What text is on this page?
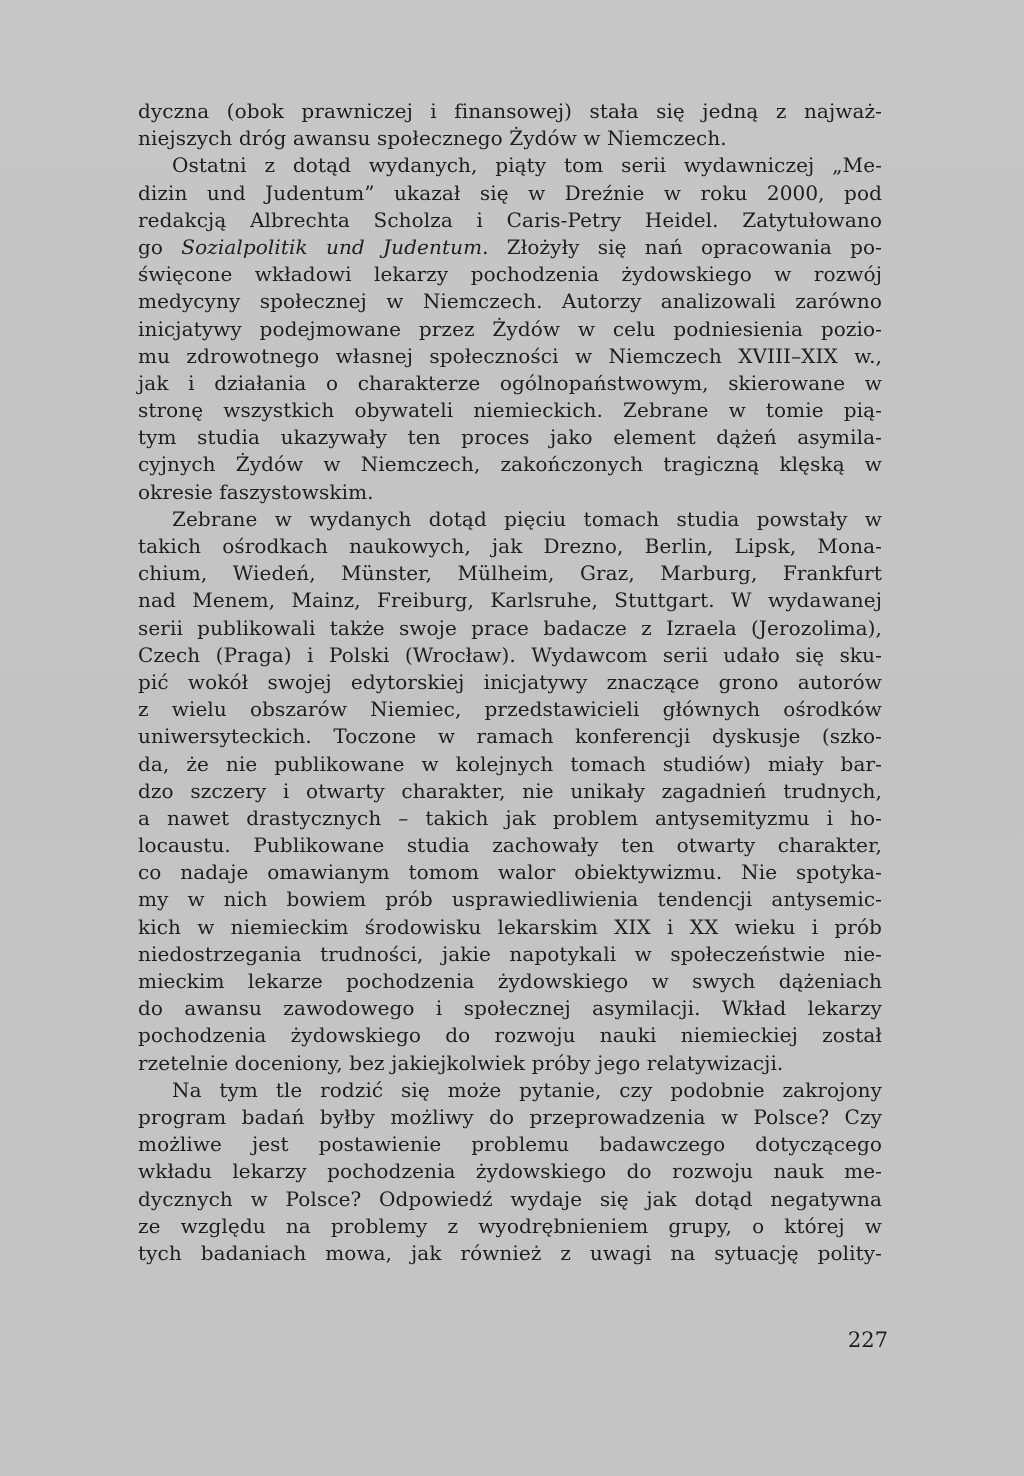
dyczna (obok prawniczej i finansowej) stała się jedną z najważ-
niejszych dróg awansu społecznego Żydów w Niemczech.
Ostatni z dotąd wydanych, piąty tom serii wydawniczej „Me-
dizin und Judentum” ukazał się w Dreźnie w roku 2000, pod
redakcją Albrechta Scholza i Caris-Petry Heidel. Zatytułowano
go Sozialpolitik und Judentum. Złożyły się nań opracowania po-
święcone wkładowi lekarzy pochodzenia żydowskiego w rozwój
medycyny społecznej w Niemczech. Autorzy analizowali zarówno
inicjatywy podejmowane przez Żydów w celu podniesienia pozio-
mu zdrowotnego własnej społeczności w Niemczech XVIII–XIX w.,
jak i działania o charakterze ogólnopaństwowym, skierowane w
stronę wszystkich obywateli niemieckich. Zebrane w tomie pią-
tym studia ukazywały ten proces jako element dążeń asymila-
cyjnych Żydów w Niemczech, zakończonych tragiczną klęską w
okresie faszystowskim.
Zebrane w wydanych dotąd pięciu tomach studia powstały w
takich ośrodkach naukowych, jak Drezno, Berlin, Lipsk, Mona-
chium, Wiedeń, Münster, Mülheim, Graz, Marburg, Frankfurt
nad Menem, Mainz, Freiburg, Karlsruhe, Stuttgart. W wydawanej
serii publikowali także swoje prace badacze z Izraela (Jerozolima),
Czech (Praga) i Polski (Wrocław). Wydawcom serii udało się sku-
pić wokół swojej edytorskiej inicjatywy znaczące grono autorów
z wielu obszarów Niemiec, przedstawicieli głównych ośrodków
uniwersyteckich. Toczone w ramach konferencji dyskusje (szko-
da, że nie publikowane w kolejnych tomach studiów) miały bar-
dzo szczery i otwarty charakter, nie unikały zagadnień trudnych,
a nawet drastycznych – takich jak problem antysemityzmu i ho-
locaustu. Publikowane studia zachowały ten otwarty charakter,
co nadaje omawianym tomom walor obiektywizmu. Nie spotyka-
my w nich bowiem prób usprawiedliwienia tendencji antysemic-
kich w niemieckim środowisku lekarskim XIX i XX wieku i prób
niedostrzegania trudności, jakie napotykali w społeczeństwie nie-
mieckim lekarze pochodzenia żydowskiego w swych dążeniach
do awansu zawodowego i społecznej asymilacji. Wkład lekarzy
pochodzenia żydowskiego do rozwoju nauki niemieckiej został
rzetelnie doceniony, bez jakiejkolwiek próby jego relatywizacji.
Na tym tle rodzić się może pytanie, czy podobnie zakrojony
program badań byłby możliwy do przeprowadzenia w Polsce? Czy
możliwe jest postawienie problemu badawczego dotyczącego
wkładu lekarzy pochodzenia żydowskiego do rozwoju nauk me-
dycznych w Polsce? Odpowiedź wydaje się jak dotąd negatywna
ze względu na problemy z wyodrębnieniem grupy, o której w
tych badaniach mowa, jak również z uwagi na sytuację polity-
227
